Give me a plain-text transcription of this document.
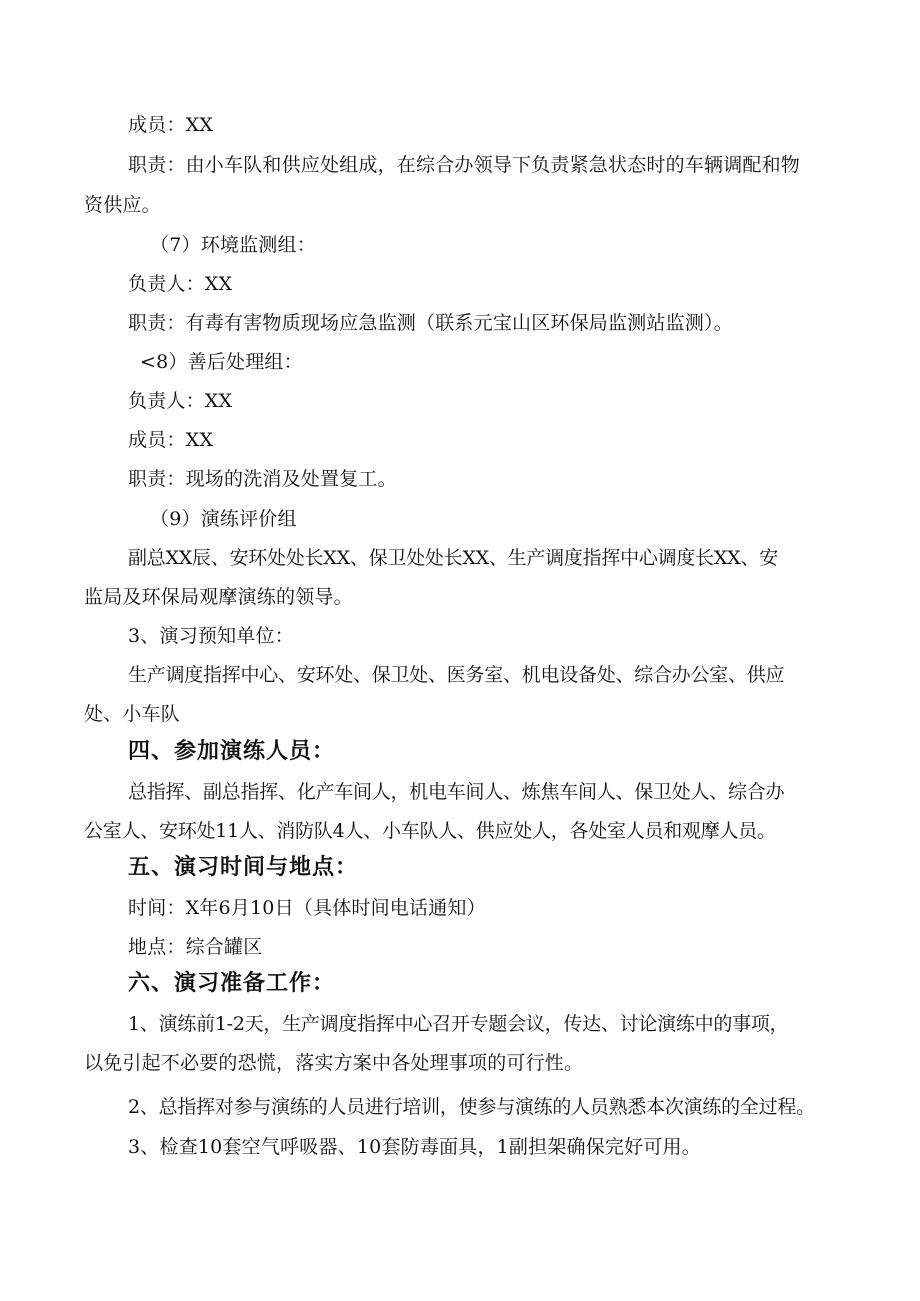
成员：XX
职责：由小车队和供应处组成，在综合办领导下负责紧急状态时的车辆调配和物
资供应。
（7）环境监测组：
负责人：XX
职责：有毒有害物质现场应急监测（联系元宝山区环保局监测站监测）。
<8）善后处理组：
负责人：XX
成员：XX
职责：现场的洗消及处置复工。
（9）演练评价组
副总XX辰、安环处处长XX、保卫处处长XX、生产调度指挥中心调度长XX、安
监局及环保局观摩演练的领导。
3、演习预知单位：
生产调度指挥中心、安环处、保卫处、医务室、机电设备处、综合办公室、供应
处、小车队
四、参加演练人员：
总指挥、副总指挥、化产车间人，机电车间人、炼焦车间人、保卫处人、综合办
公室人、安环处11人、消防队4人、小车队人、供应处人，各处室人员和观摩人员。
五、演习时间与地点：
时间：X年6月10日（具体时间电话通知）
地点：综合罐区
六、演习准备工作：
1、演练前1-2天，生产调度指挥中心召开专题会议，传达、讨论演练中的事项，
以免引起不必要的恐慌，落实方案中各处理事项的可行性。
2、总指挥对参与演练的人员进行培训，使参与演练的人员熟悉本次演练的全过程。
3、检查10套空气呼吸器、10套防毒面具，1副担架确保完好可用。
